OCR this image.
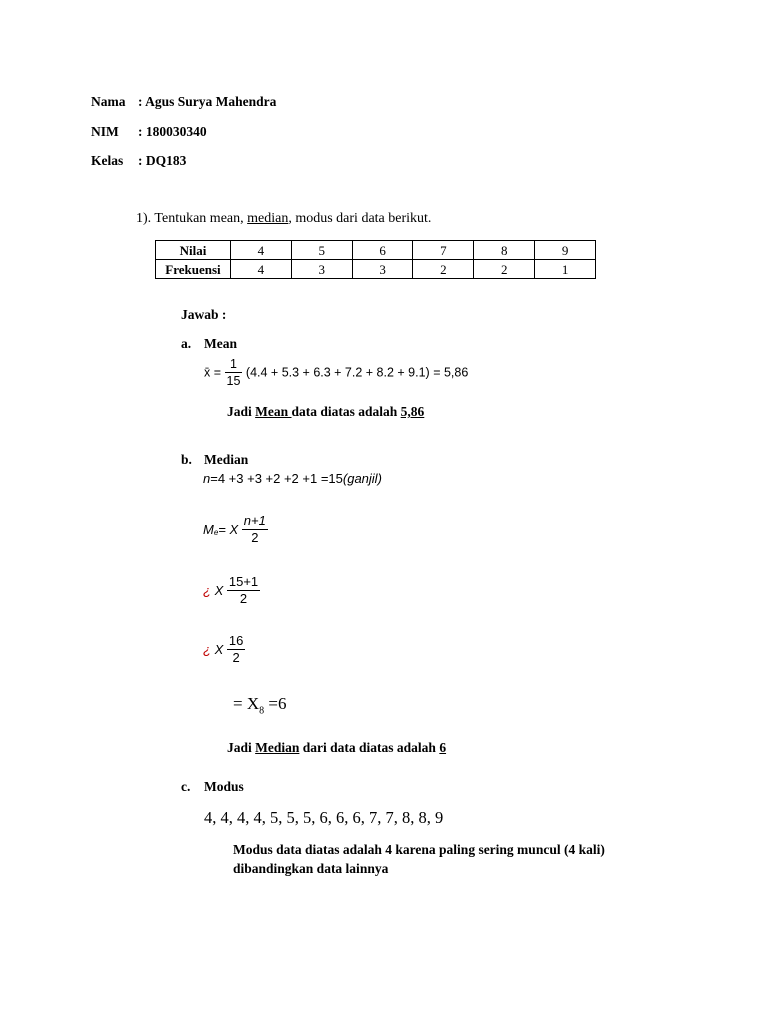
Nama : Agus Surya Mahendra
NIM : 180030340
Kelas : DQ183
1). Tentukan mean, median, modus dari data berikut.
Nilai	4	5	6	7	8	9
Frekuensi	4	3	3	2	2	1
Jawab :
a. Mean
x̄ = $\frac{1}{15} (4.4 + 5.3 + 6.3 + 7.2 + 8.2 + 9.1) = 5,86$
Jadi Mean data diatas adalah 5,86
b. Median
n=4 +3 +3 +2 +2 +1 =15(ganjil)
$M_e= X \frac{n+1}{2}$
¿ X $\frac{15+1}{2}$
¿ X $\frac{16}{2}$
= $X_8 =6$
Jadi Median dari data diatas adalah 6
c. Modus
4, 4, 4, 4, 5, 5, 5, 6, 6, 6, 7, 7, 8, 8, 9
Modus data diatas adalah 4 karena paling sering muncul (4 kali)
dibandingkan data lainnya
